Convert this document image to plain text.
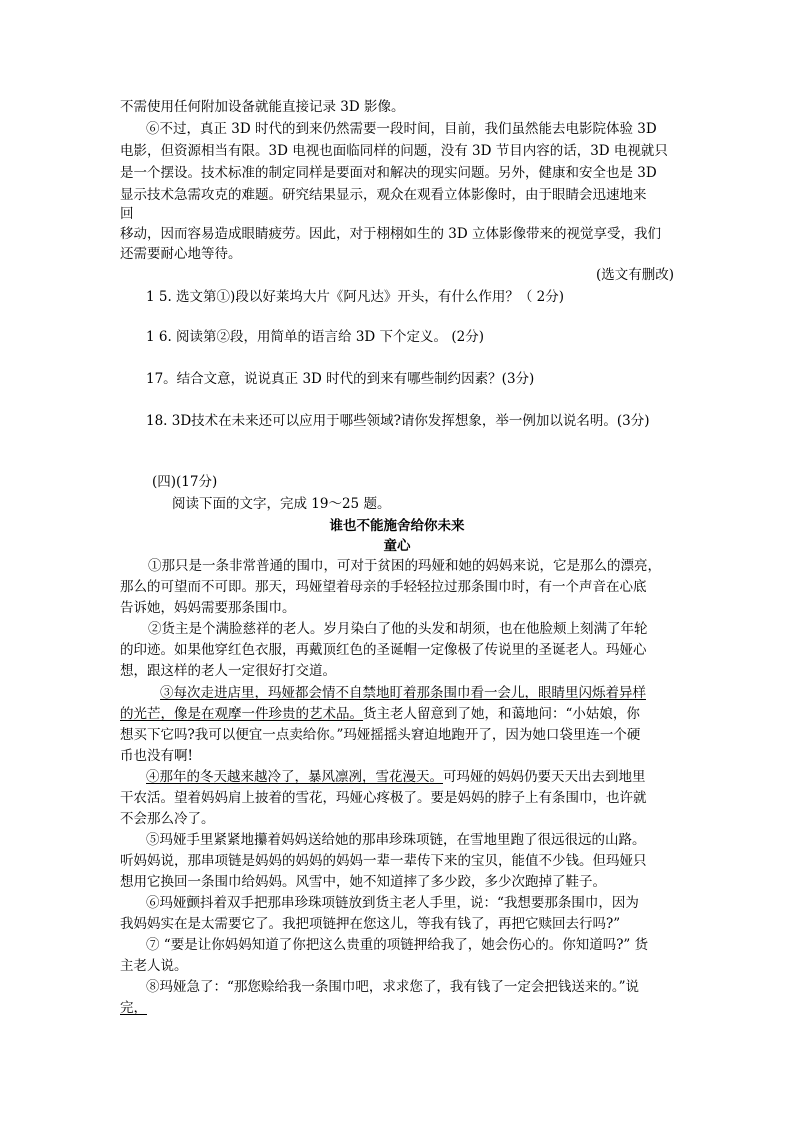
不需使用任何附加设备就能直接记录 3D 影像。
⑥不过，真正 3D 时代的到来仍然需要一段时间，目前，我们虽然能去电影院体验 3D
电影，但资源相当有限。3D 电视也面临同样的问题，没有 3D 节目内容的话，3D 电视就只
是一个摆设。技术标准的制定同样是要面对和解决的现实问题。另外，健康和安全也是 3D
显示技术急需攻克的难题。研究结果显示，观众在观看立体影像时，由于眼睛会迅速地来
回
移动，因而容易造成眼睛疲劳。因此，对于栩栩如生的 3D 立体影像带来的视觉享受，我们
还需要耐心地等待。
(选文有删改)
1 5. 选文第①)段以好莱坞大片《阿凡达》开头，有什么作用？（ 2分)
1 6. 阅读第②段，用简单的语言给 3D 下个定义。 (2分)
17。结合文意，说说真正 3D 时代的到来有哪些制约因素？(3分)
18. 3D技术在未来还可以应用于哪些领域?请你发挥想象，举一例加以说名明。(3分)
(四)(17分)
阅读下面的文字，完成 19～25 题。
谁也不能施舍给你未来
童心
①那只是一条非常普通的围巾，可对于贫困的玛娅和她的妈妈来说，它是那么的漂亮，
那么的可望而不可即。那天，玛娅望着母亲的手轻轻拉过那条围巾时，有一个声音在心底
告诉她，妈妈需要那条围巾。
②货主是个满脸慈祥的老人。岁月染白了他的头发和胡须，也在他脸颊上刻满了年轮
的印迹。如果他穿红色衣服，再戴顶红色的圣诞帽一定像极了传说里的圣诞老人。玛娅心
想，跟这样的老人一定很好打交道。
③每次走进店里，玛娅都会情不自禁地盯着那条围巾看一会儿，眼睛里闪烁着异样
的光芒，像是在观摩一件珍贵的艺术品。货主老人留意到了她，和蔼地问：“小姑娘，你
想买下它吗?我可以便宜一点卖给你。”玛娅摇摇头窘迫地跑开了，因为她口袋里连一个硬
币也没有啊!
④那年的冬天越来越冷了，暴风凛冽，雪花漫天。可玛娅的妈妈仍要天天出去到地里
干农活。望着妈妈肩上披着的雪花，玛娅心疼极了。要是妈妈的脖子上有条围巾，也许就
不会那么冷了。
⑤玛娅手里紧紧地攥着妈妈送给她的那串珍珠项链，在雪地里跑了很远很远的山路。
听妈妈说，那串项链是妈妈的妈妈的妈妈一辈一辈传下来的宝贝，能值不少钱。但玛娅只
想用它换回一条围巾给妈妈。风雪中，她不知道摔了多少跤，多少次跑掉了鞋子。
⑥玛娅颤抖着双手把那串珍珠项链放到货主老人手里，说：“我想要那条围巾，因为
我妈妈实在是太需要它了。我把项链押在您这儿，等我有钱了，再把它赎回去行吗?”
⑦ “要是让你妈妈知道了你把这么贵重的项链押给我了，她会伤心的。你知道吗?” 货
主老人说。
⑧玛娅急了：“那您赊给我一条围巾吧，求求您了，我有钱了一定会把钱送来的。”说
完，
